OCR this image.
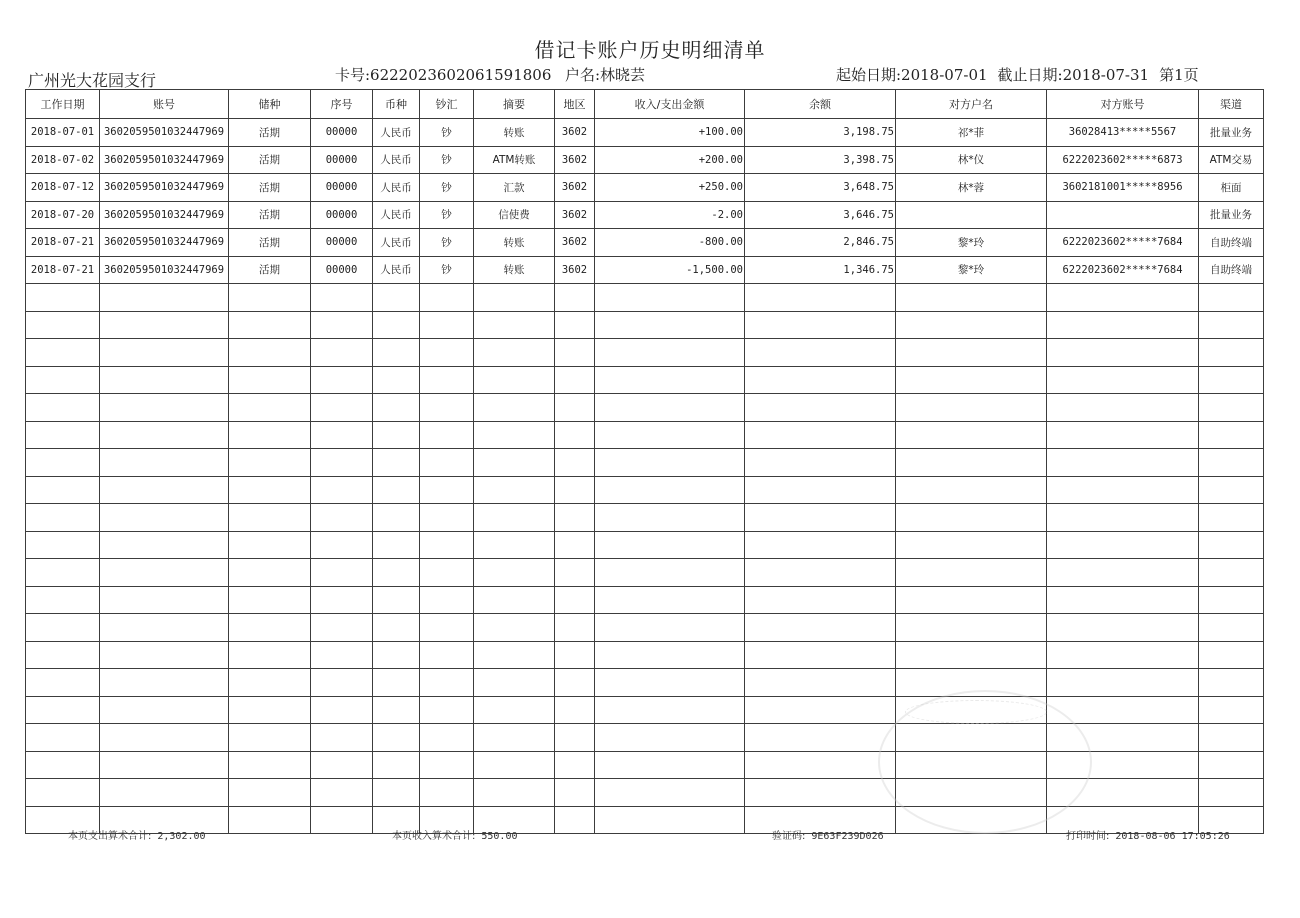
借记卡账户历史明细清单
广州光大花园支行	卡号:6222023602061591806 户名:林晓芸	起始日期:2018-07-01 截止日期:2018-07-31 第1页
工作日期	账号	储种	序号	币种	钞汇	摘要	地区	收入/支出金额	余额	对方户名	对方账号	渠道
2018-07-01	3602059501032447969	活期	00000	人民币	钞	转账	3602	+100.00	3,198.75	祁*菲	36028413*****5567	批量业务
2018-07-02	3602059501032447969	活期	00000	人民币	钞	ATM转账	3602	+200.00	3,398.75	林*仪	6222023602*****6873	ATM交易
2018-07-12	3602059501032447969	活期	00000	人民币	钞	汇款	3602	+250.00	3,648.75	林*蓉	3602181001*****8956	柜面
2018-07-20	3602059501032447969	活期	00000	人民币	钞	信使费	3602	-2.00	3,646.75			批量业务
2018-07-21	3602059501032447969	活期	00000	人民币	钞	转账	3602	-800.00	2,846.75	黎*玲	6222023602*****7684	自助终端
2018-07-21	3602059501032447969	活期	00000	人民币	钞	转账	3602	-1,500.00	1,346.75	黎*玲	6222023602*****7684	自助终端

本页支出算术合计: 2,302.00	本页收入算术合计: 550.00	验证码: 9E63F239D026	打印时间: 2018-08-06 17:05:26
